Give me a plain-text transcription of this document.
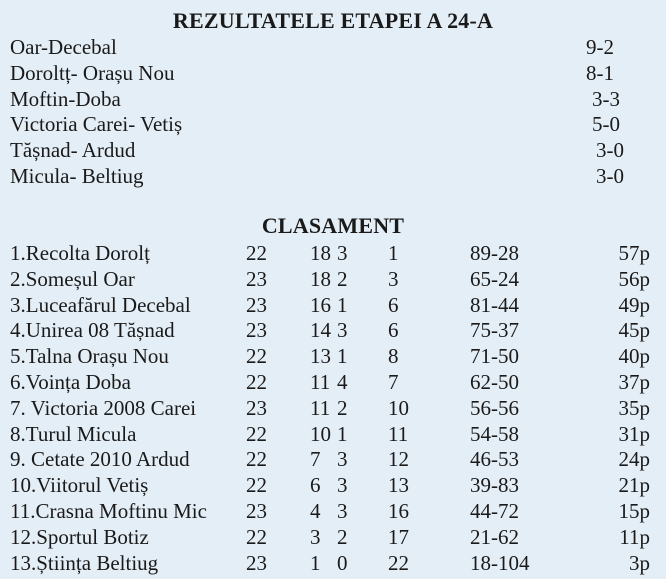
REZULTATELE ETAPEI A 24-A
Oar-Decebal	9-2
Doroltț- Orașu Nou	8-1
Moftin-Doba	3-3
Victoria Carei- Vetiș	5-0
Tășnad- Ardud	3-0
Micula- Beltiug	3-0
CLASAMENT
1.Recolta Dorolț	22 18 3 1	89-28	57p
2.Someșul Oar	23 18 2 3	65-24	56p
3.Luceafărul Decebal	23 16 1 6	81-44	49p
4.Unirea 08 Tășnad	23 14 3 6	75-37	45p
5.Talna Orașu Nou	22 13 1 8	71-50	40p
6.Voința Doba	22 11 4 7	62-50	37p
7. Victoria 2008 Carei 23 11 2 10	56-56	35p
8.Turul Micula	22 10 1 11	54-58	31p
9. Cetate 2010 Ardud	22 7 3 12	46-53	24p
10.Viitorul Vetiș	22 6 3 13	39-83	21p
11.Crasna Moftinu Mic 23 4 3 16	44-72	15p
12.Sportul Botiz	22 3 2 17	21-62	11p
13.Știința Beltiug	23 1 0 22	18-104	3p
